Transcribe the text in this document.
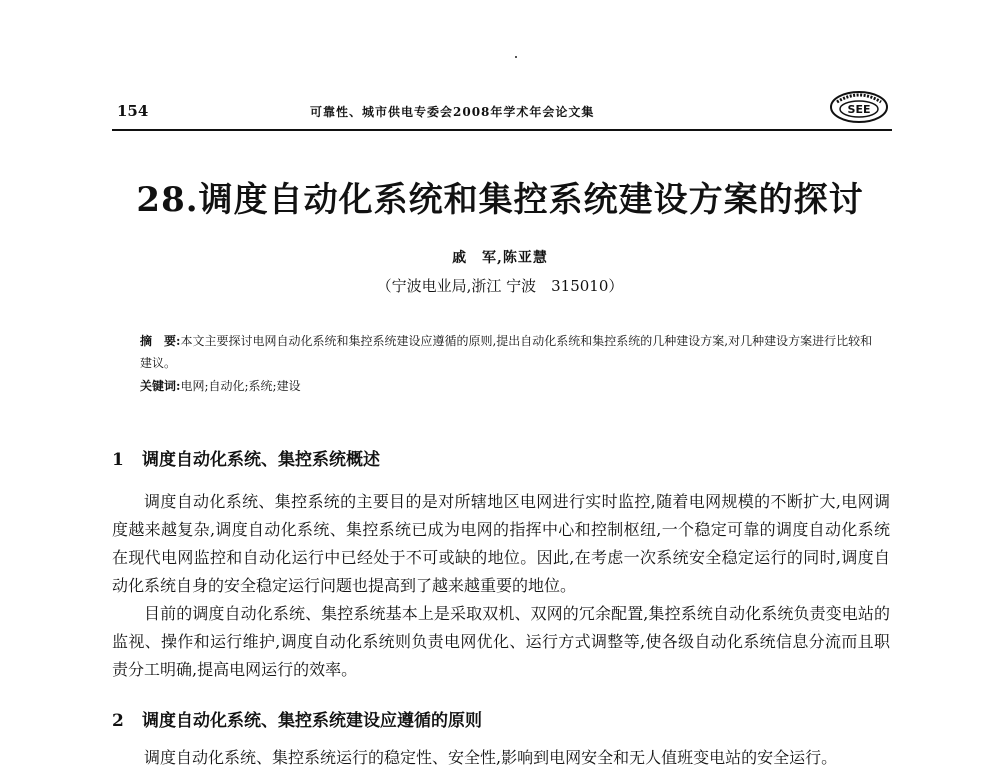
154	可靠性、城市供电专委会2008年学术年会论文集	SEE
28.调度自动化系统和集控系统建设方案的探讨
戚　军,陈亚慧
（宁波电业局,浙江 宁波　315010）
摘　要:本文主要探讨电网自动化系统和集控系统建设应遵循的原则,提出自动化系统和集控系统的几种建设方案,对几种建设方案进行比较和建议。
关键词:电网;自动化;系统;建设
1 调度自动化系统、集控系统概述

调度自动化系统、集控系统的主要目的是对所辖地区电网进行实时监控,随着电网规模的不断扩大,电网调度越来越复杂,调度自动化系统、集控系统已成为电网的指挥中心和控制枢纽,一个稳定可靠的调度自动化系统在现代电网监控和自动化运行中已经处于不可或缺的地位。因此,在考虑一次系统安全稳定运行的同时,调度自动化系统自身的安全稳定运行问题也提高到了越来越重要的地位。

目前的调度自动化系统、集控系统基本上是采取双机、双网的冗余配置,集控系统自动化系统负责变电站的监视、操作和运行维护,调度自动化系统则负责电网优化、运行方式调整等,使各级自动化系统信息分流而且职责分工明确,提高电网运行的效率。

2 调度自动化系统、集控系统建设应遵循的原则

调度自动化系统、集控系统运行的稳定性、安全性,影响到电网安全和无人值班变电站的安全运行。
